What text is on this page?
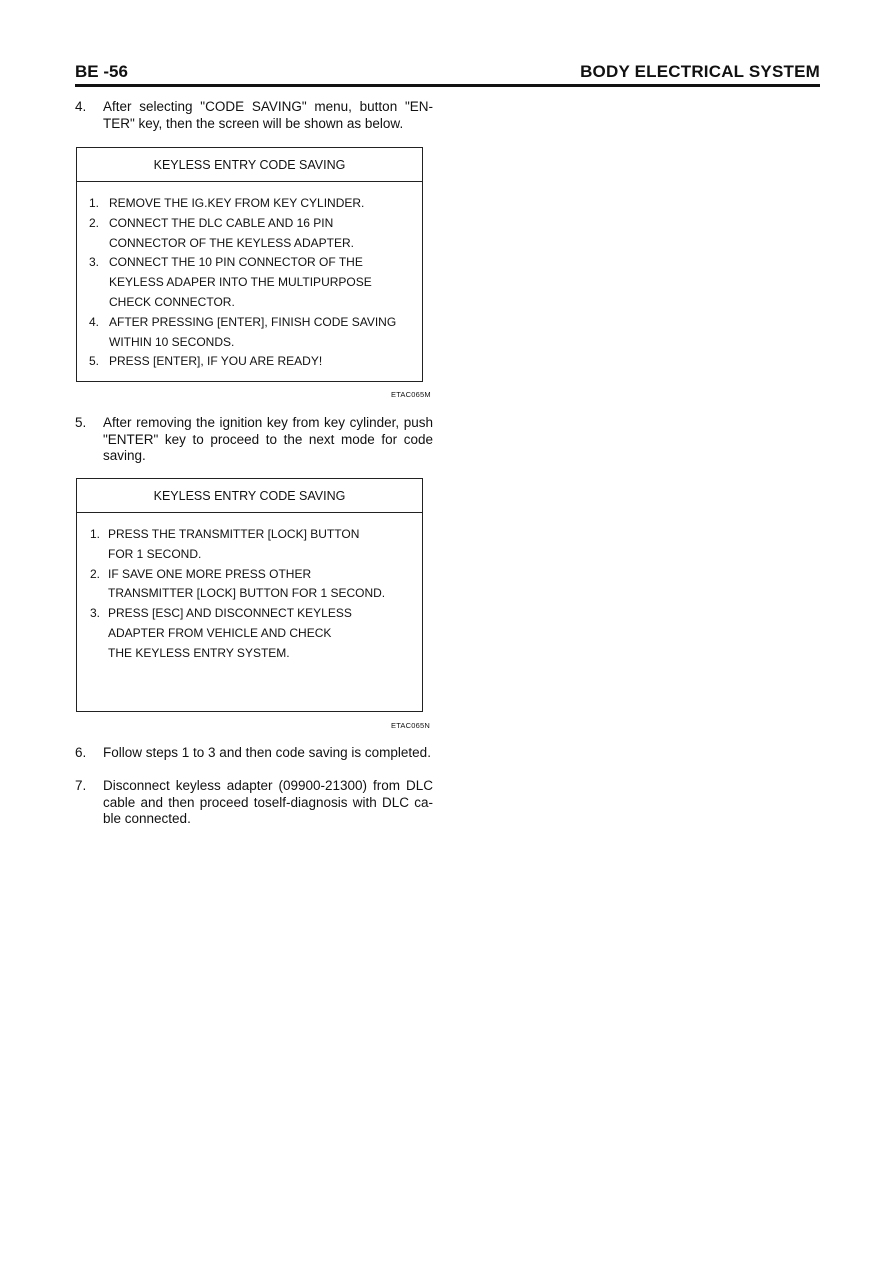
BE -56	BODY ELECTRICAL SYSTEM
4. After selecting "CODE SAVING" menu, button "EN-TER" key, then the screen will be shown as below.
KEYLESS ENTRY CODE SAVING
1. REMOVE THE IG.KEY FROM KEY CYLINDER.
2. CONNECT THE DLC CABLE AND 16 PIN
CONNECTOR OF THE KEYLESS ADAPTER.
3. CONNECT THE 10 PIN CONNECTOR OF THE
KEYLESS ADAPER INTO THE MULTIPURPOSE
CHECK CONNECTOR.
4. AFTER PRESSING [ENTER], FINISH CODE SAVING
WITHIN 10 SECONDS.
5. PRESS [ENTER], IF YOU ARE READY!
ETAC065M
5. After removing the ignition key from key cylinder, push "ENTER" key to proceed to the next mode for code saving.
KEYLESS ENTRY CODE SAVING
1. PRESS THE TRANSMITTER [LOCK] BUTTON
FOR 1 SECOND.
2. IF SAVE ONE MORE PRESS OTHER
TRANSMITTER [LOCK] BUTTON FOR 1 SECOND.
3. PRESS [ESC] AND DISCONNECT KEYLESS
ADAPTER FROM VEHICLE AND CHECK
THE KEYLESS ENTRY SYSTEM.
ETAC065N
6. Follow steps 1 to 3 and then code saving is completed.
7. Disconnect keyless adapter (09900-21300) from DLC cable and then proceed toself-diagnosis with DLC ca-ble connected.
